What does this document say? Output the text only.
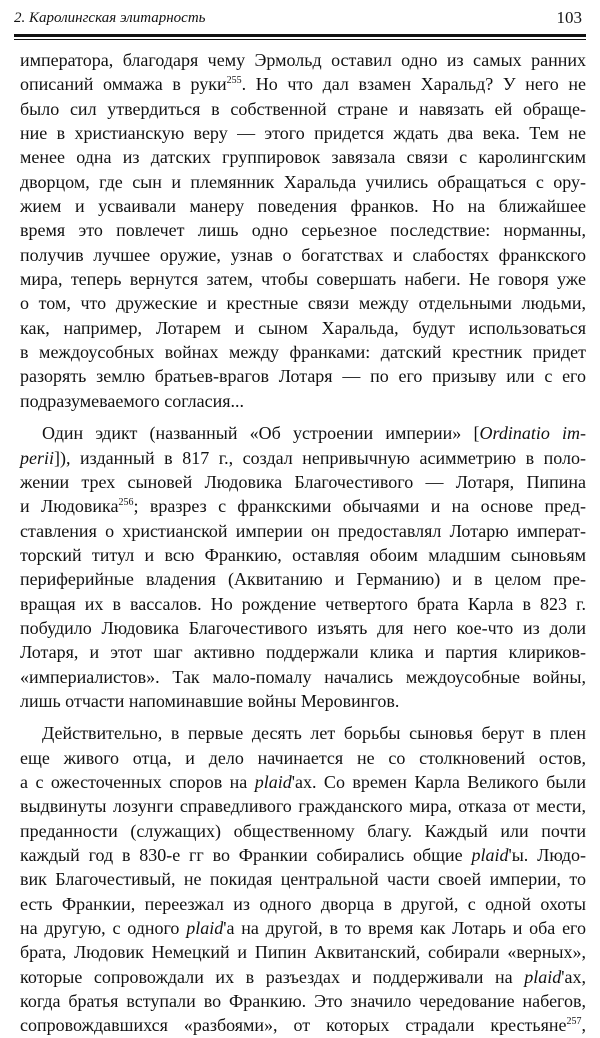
2. Каролингская элитарность	103
императора, благодаря чему Эрмольд оставил одно из самых ранних
описаний оммажа в руки$^{255}$. Но что дал взамен Харальд? У него не
было сил утвердиться в собственной стране и навязать ей обраще-
ние в христианскую веру — этого придется ждать два века. Тем не
менее одна из датских группировок завязала связи с каролингским
дворцом, где сын и племянник Харальда учились обращаться с ору-
жием и усваивали манеру поведения франков. Но на ближайшее
время это повлечет лишь одно серьезное последствие: норманны,
получив лучшее оружие, узнав о богатствах и слабостях франкского
мира, теперь вернутся затем, чтобы совершать набеги. Не говоря уже
о том, что дружеские и крестные связи между отдельными людьми,
как, например, Лотарем и сыном Харальда, будут использоваться
в междоусобных войнах между франками: датский крестник придет
разорять землю братьев-врагов Лотаря — по его призыву или с его
подразумеваемого согласия...
Один эдикт (названный «Об устроении империи» [Ordinatio im-
perii]), изданный в 817 г., создал непривычную асимметрию в поло-
жении трех сыновей Людовика Благочестивого — Лотаря, Пипина
и Людовика$^{256}$; вразрез с франкскими обычаями и на основе пред-
ставления о христианской империи он предоставлял Лотарю императ-
торский титул и всю Франкию, оставляя обоим младшим сыновьям
периферийные владения (Аквитанию и Германию) и в целом пре-
вращая их в вассалов. Но рождение четвертого брата Карла в 823 г.
побудило Людовика Благочестивого изъять для него кое-что из доли
Лотаря, и этот шаг активно поддержали клика и партия клириков-
«империалистов». Так мало-помалу начались междоусобные войны,
лишь отчасти напоминавшие войны Меровингов.
Действительно, в первые десять лет борьбы сыновья берут в плен
еще живого отца, и дело начинается не со столкновений остов,
а с ожесточенных споров на plaid'ах. Со времен Карла Великого были
выдвинуты лозунги справедливого гражданского мира, отказа от мести,
преданности (служащих) общественному благу. Каждый или почти
каждый год в 830-е гг во Франкии собирались общие plaid'ы. Людо-
вик Благочестивый, не покидая центральной части своей империи, то
есть Франкии, переезжал из одного дворца в другой, с одной охоты
на другую, с одного plaid'а на другой, в то время как Лотарь и оба его
брата, Людовик Немецкий и Пипин Аквитанский, собирали «верных»,
которые сопровождали их в разъездах и поддерживали на plaid'ах,
когда братья вступали во Франкию. Это значило чередование набегов,
сопровождавшихся «разбоями», от которых страдали крестьяне$^{257}$,
